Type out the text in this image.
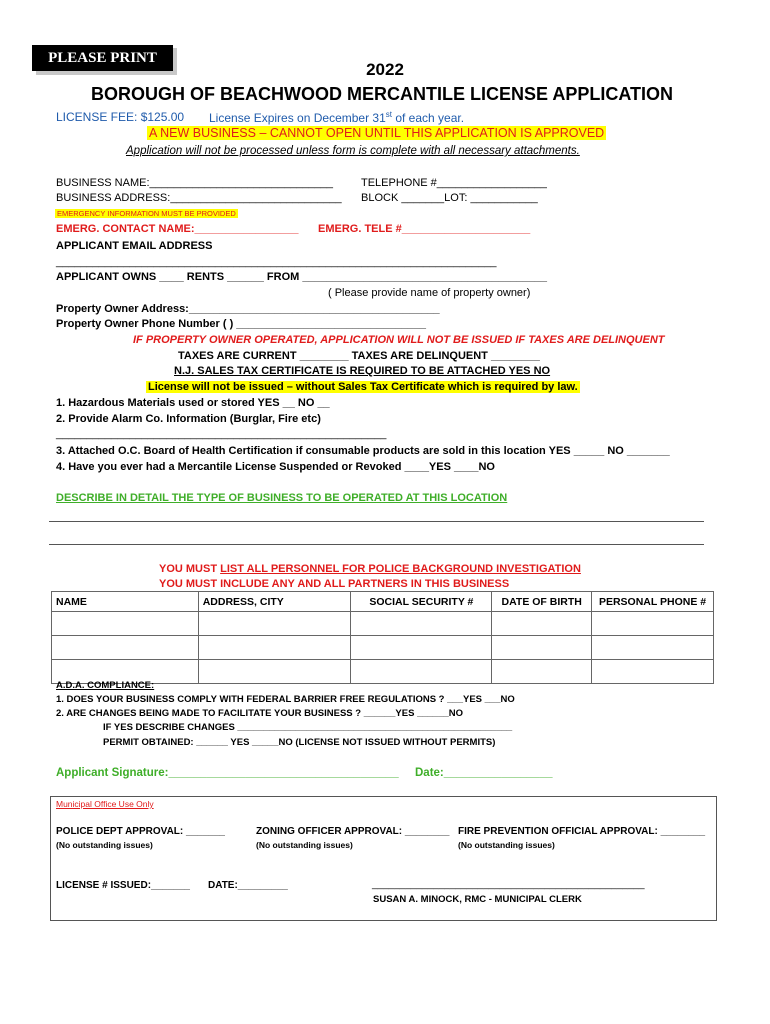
PLEASE PRINT
2022
BOROUGH OF BEACHWOOD MERCANTILE LICENSE APPLICATION
LICENSE FEE: $125.00 License Expires on December 31st of each year.
A NEW BUSINESS – CANNOT OPEN UNTIL THIS APPLICATION IS APPROVED
Application will not be processed unless form is complete with all necessary attachments.
BUSINESS NAME:______________________________	TELEPHONE #__________________
BUSINESS ADDRESS:____________________________ BLOCK _______LOT: ___________
EMERGENCY INFORMATION MUST BE PROVIDED
EMERG. CONTACT NAME:_________________ EMERG. TELE #_____________________
APPLICANT EMAIL ADDRESS
________________________________________________________________________
APPLICANT OWNS ____ RENTS ______ FROM ________________________________________
( Please provide name of property owner)
Property Owner Address:_________________________________________
Property Owner Phone Number ( ) _______________________________
IF PROPERTY OWNER OPERATED, APPLICATION WILL NOT BE ISSUED IF TAXES ARE DELINQUENT
TAXES ARE CURRENT ________ TAXES ARE DELINQUENT ________
N.J. SALES TAX CERTIFICATE IS REQUIRED TO BE ATTACHED YES NO
License will not be issued – without Sales Tax Certificate which is required by law.
1. Hazardous Materials used or stored YES __ NO __
2. Provide Alarm Co. Information (Burglar, Fire etc)
______________________________________________________
3. Attached O.C. Board of Health Certification if consumable products are sold in this location YES _____ NO _______
4. Have you ever had a Mercantile License Suspended or Revoked ____YES ____NO
DESCRIBE IN DETAIL THE TYPE OF BUSINESS TO BE OPERATED AT THIS LOCATION
YOU MUST LIST ALL PERSONNEL FOR POLICE BACKGROUND INVESTIGATION
YOU MUST INCLUDE ANY AND ALL PARTNERS IN THIS BUSINESS
NAME	ADDRESS, CITY	SOCIAL SECURITY #	DATE OF BIRTH	PERSONAL PHONE #

A.D.A. COMPLIANCE:
1. DOES YOUR BUSINESS COMPLY WITH FEDERAL BARRIER FREE REGULATIONS ? ___YES ___NO
2. ARE CHANGES BEING MADE TO FACILITATE YOUR BUSINESS ? ______YES ______NO
IF YES DESCRIBE CHANGES ____________________________________________________
PERMIT OBTAINED: ______ YES _____NO (LICENSE NOT ISSUED WITHOUT PERMITS)
Applicant Signature:____________________________________ Date:_________________
Municipal Office Use Only
POLICE DEPT APPROVAL: _______
(No outstanding issues)
ZONING OFFICER APPROVAL: ________
(No outstanding issues)
FIRE PREVENTION OFFICIAL APPROVAL: ________
(No outstanding issues)
LICENSE # ISSUED:_______ DATE:_________	_________________________________________________
SUSAN A. MINOCK, RMC - MUNICIPAL CLERK
